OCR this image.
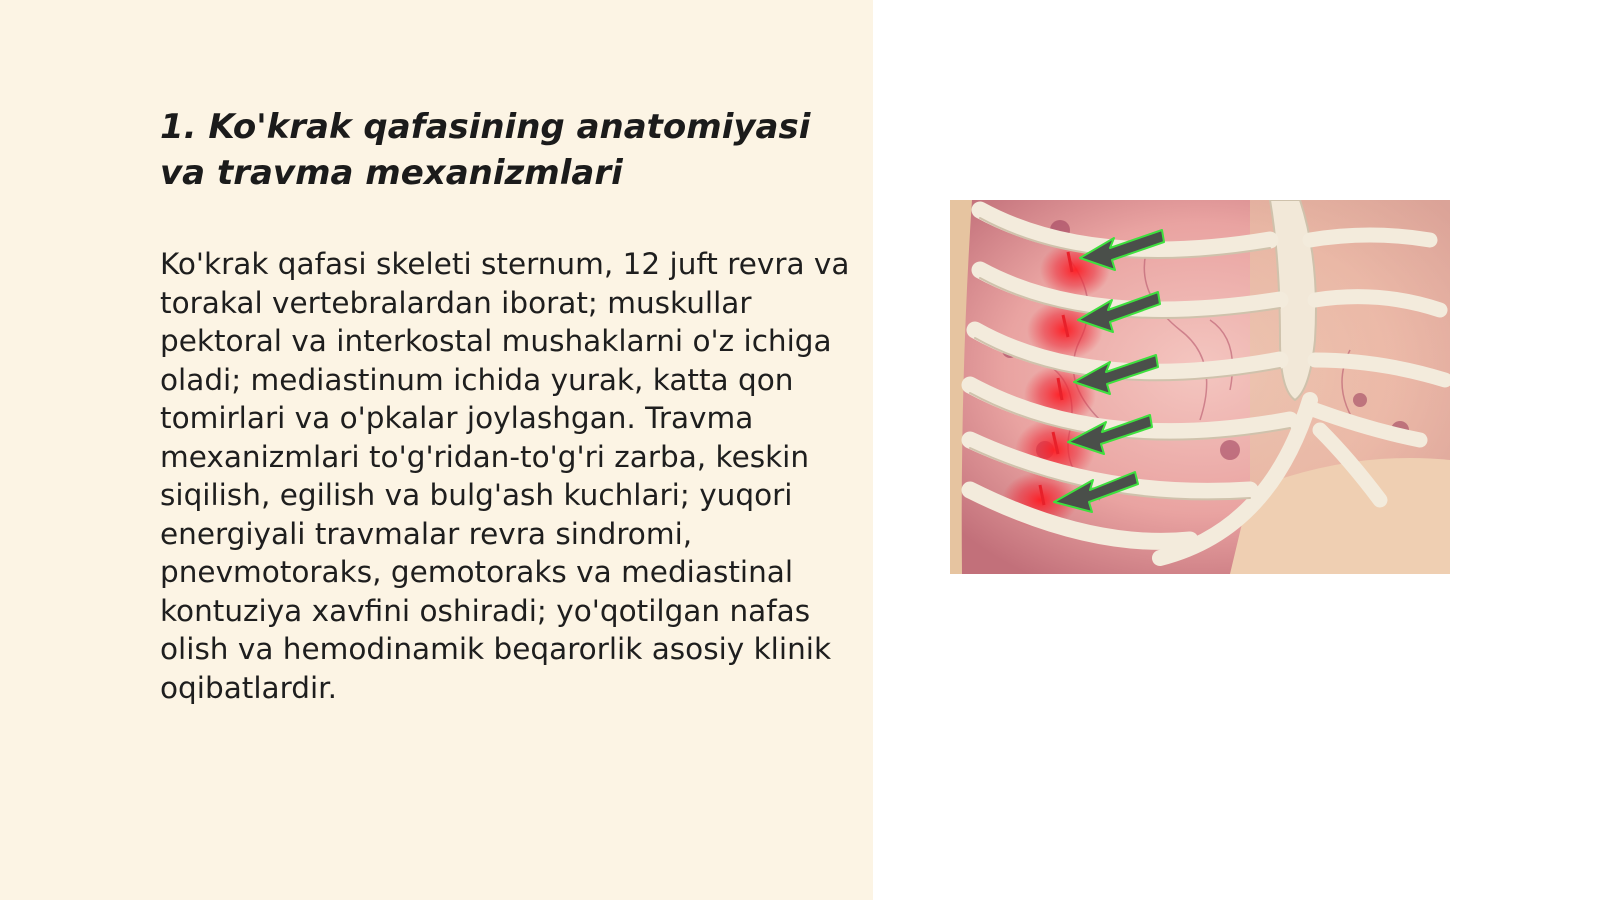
1. Ko'krak qafasining anatomiyasi va travma mexanizmlari

Ko'krak qafasi skeleti sternum, 12 juft revra va torakal vertebralardan iborat; muskullar pektoral va interkostal mushaklarni o'z ichiga oladi; mediastinum ichida yurak, katta qon tomirlari va o'pkalar joylashgan. Travma mexanizmlari to'g'ridan-to'g'ri zarba, keskin siqilish, egilish va bulg'ash kuchlari; yuqori energiyali travmalar revra sindromi, pnevmotoraks, gemotoraks va mediastinal kontuziya xavfini oshiradi; yo'qotilgan nafas olish va hemodinamik beqarorlik asosiy klinik oqibatlardir.
